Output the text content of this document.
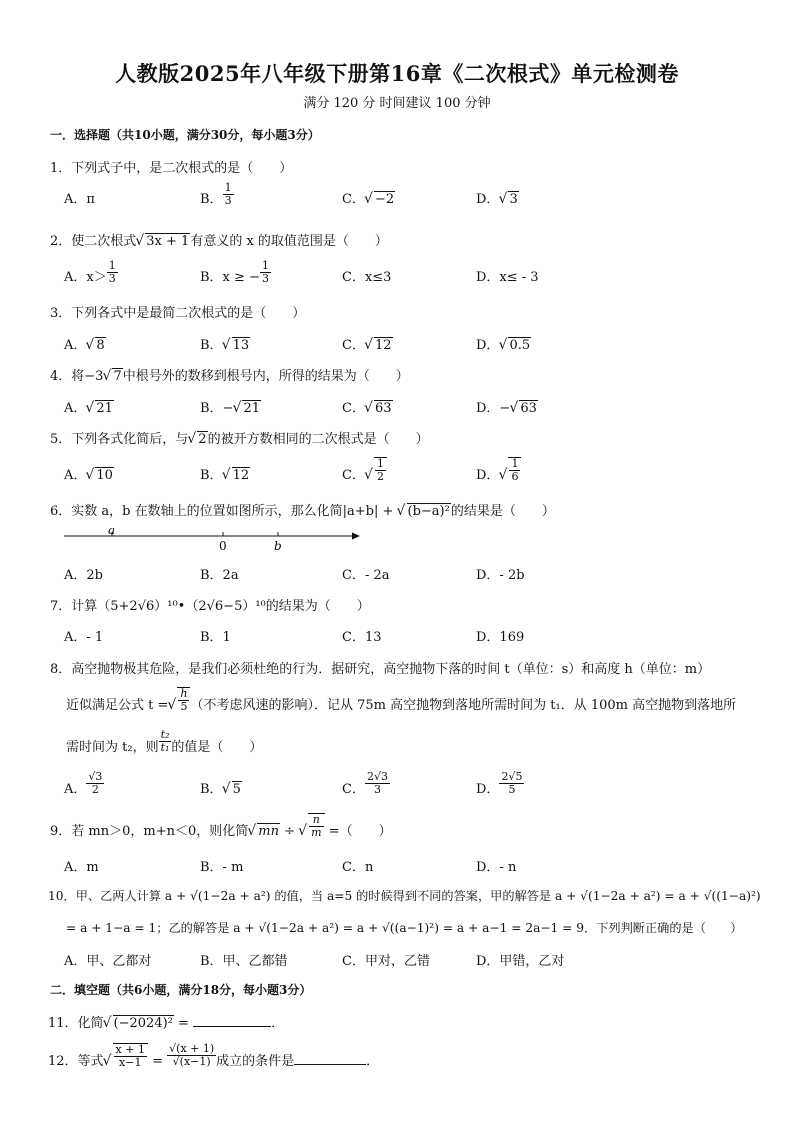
人教版2025年八年级下册第16章《二次根式》单元检测卷
满分 120 分 时间建议 100 分钟
一．选择题（共10小题，满分30分，每小题3分）
1．下列式子中，是二次根式的是（　　）
A．π	B． $\frac{1}{3}$	C． √ −2	D． √ 3
2．使二次根式 √ 3x + 1有意义的 x 的取值范围是（　　）
A．$x> \frac{1}{3}$	B．x ≥ − $\frac{1}{3}$	C．x≤3	D．x≤ - 3
3．下列各式中是最简二次根式的是（　　）
A． √ 8	B． √ 13	C． √ 12	D． √ 0.5
4．将−3 √ 7中根号外的数移到根号内，所得的结果为（　　）
A． √ 21	B．− √ 21	C． √ 63	D．− √ 63
5．下列各式化简后，与 √ 2的被开方数相同的二次根式是（　　）
A． √ 10	B． √ 12	C． √ $\frac{1}{2}$	D． √ $\frac{1}{6}$
6．实数 a，b 在数轴上的位置如图所示，那么化简|a+b| + √ (b−a)²的结果是（　　）
a
0	b
A．2b	B．2a	C．- 2a	D．- 2b
7．计算（5+2√6）¹⁰•（2√6−5）¹⁰的结果为（　　）
A．- 1	B．1	C．13	D．169
8．高空抛物极其危险，是我们必须杜绝的行为．据研究，高空抛物下落的时间 t（单位：s）和高度 h（单位：m）
近似满足公式 t = √ $\frac{h}{5}$ （不考虑风速的影响）．记从 75m 高空抛物到落地所需时间为 t₁．从 100m 高空抛物到落地所
需时间为 t₂，则 $\frac{\text{t₂}}{\text{t₁}}$ 的值是（　　）
A． $\frac{√3}{2}$	B． √ 5	C． $\frac{2√3}{3}$	D． $\frac{2√5}{5}$
9．若 mn＞0，m+n＜0，则化简 √ mn ÷ √ $\frac{n}{m}$ =（　　）
A．m	B．- m	C．n	D．- n
10．甲、乙两人计算 a + √(1−2a + a²) 的值，当 a=5 的时候得到不同的答案，甲的解答是 a + √(1−2a + a²) = a + √((1−a)²)
= a + 1−a = 1；乙的解答是 a + √(1−2a + a²) = a + √((a−1)²) = a + a−1 = 2a−1 = 9．下列判断正确的是（　　）
A．甲、乙都对	B．甲、乙都错	C．甲对，乙错	D．甲错，乙对
二．填空题（共6小题，满分18分，每小题3分）
11．化简 √ (−2024)² =	．
12．等式 √ $\frac{x + 1}{x-1} = \frac{√(x + 1)}{√(x-1)}$ 成立的条件是	．
